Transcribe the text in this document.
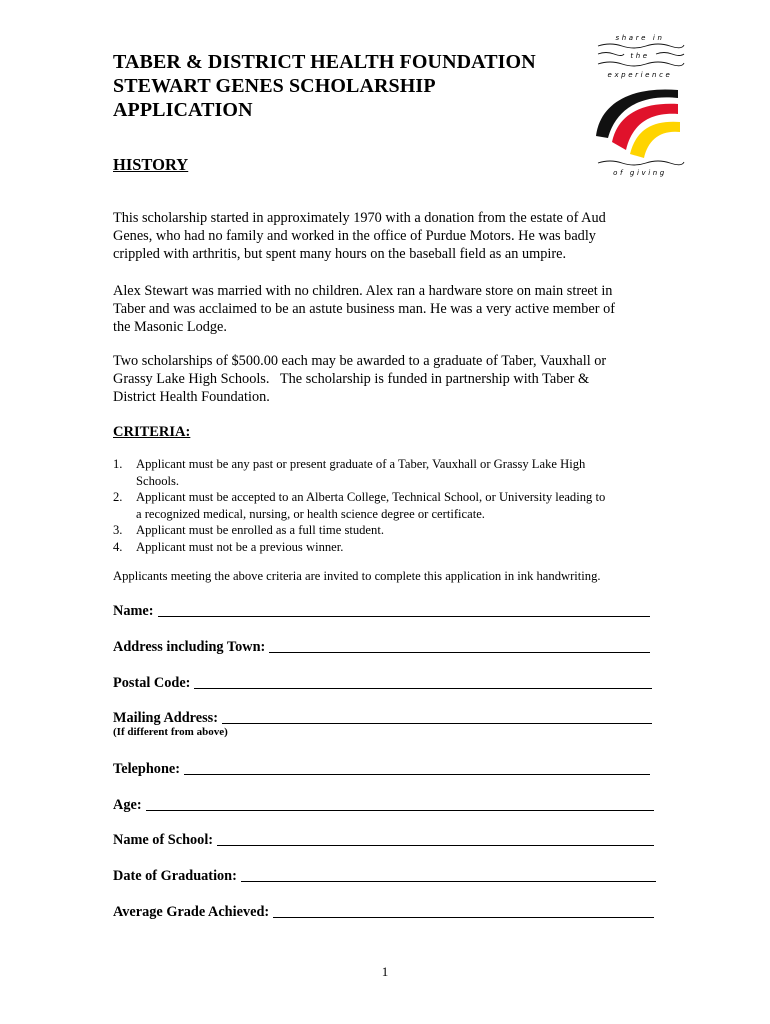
TABER & DISTRICT HEALTH FOUNDATION
STEWART GENES SCHOLARSHIP
APPLICATION
share in
the
experience
of giving
HISTORY
This scholarship started in approximately 1970 with a donation from the estate of Aud
Genes, who had no family and worked in the office of Purdue Motors. He was badly
crippled with arthritis, but spent many hours on the baseball field as an umpire.
Alex Stewart was married with no children. Alex ran a hardware store on main street in
Taber and was acclaimed to be an astute business man. He was a very active member of
the Masonic Lodge.
Two scholarships of $500.00 each may be awarded to a graduate of Taber, Vauxhall or
Grassy Lake High Schools.   The scholarship is funded in partnership with Taber &
District Health Foundation.
CRITERIA:
1. Applicant must be any past or present graduate of a Taber, Vauxhall or Grassy Lake High
Schools.
2. Applicant must be accepted to an Alberta College, Technical School, or University leading to
a recognized medical, nursing, or health science degree or certificate.
3. Applicant must be enrolled as a full time student.
4. Applicant must not be a previous winner.
Applicants meeting the above criteria are invited to complete this application in ink handwriting.
Name:
Address including Town:
Postal Code:
Mailing Address:
(If different from above)
Telephone:
Age:
Name of School:
Date of Graduation:
Average Grade Achieved:
1
